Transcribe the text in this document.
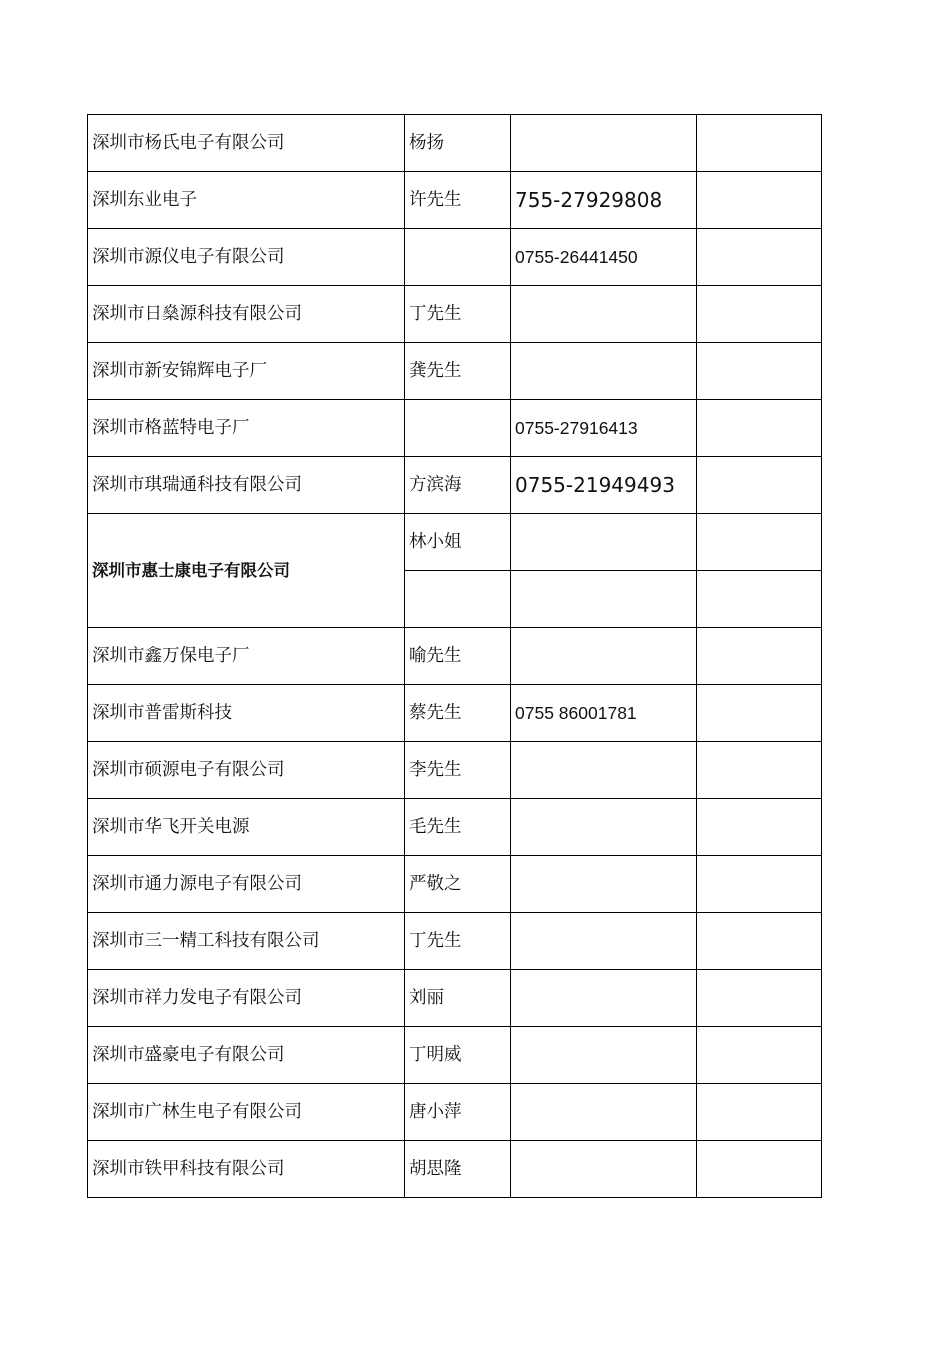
深圳市杨氏电子有限公司	杨扬		
深圳东业电子	许先生	755-27929808	
深圳市源仪电子有限公司		0755-26441450	
深圳市日燊源科技有限公司	丁先生		
深圳市新安锦辉电子厂	龚先生		
深圳市格蓝特电子厂		0755-27916413	
深圳市琪瑞通科技有限公司	方滨海	0755-21949493	
深圳市惠士康电子有限公司	林小姐		

深圳市鑫万保电子厂	喻先生		
深圳市普雷斯科技	蔡先生	0755 86001781	
深圳市硕源电子有限公司	李先生		
深圳市华飞开关电源	毛先生		
深圳市通力源电子有限公司	严敬之		
深圳市三一精工科技有限公司	丁先生		
深圳市祥力发电子有限公司	刘丽		
深圳市盛豪电子有限公司	丁明威		
深圳市广林生电子有限公司	唐小萍		
深圳市铁甲科技有限公司	胡思隆		
